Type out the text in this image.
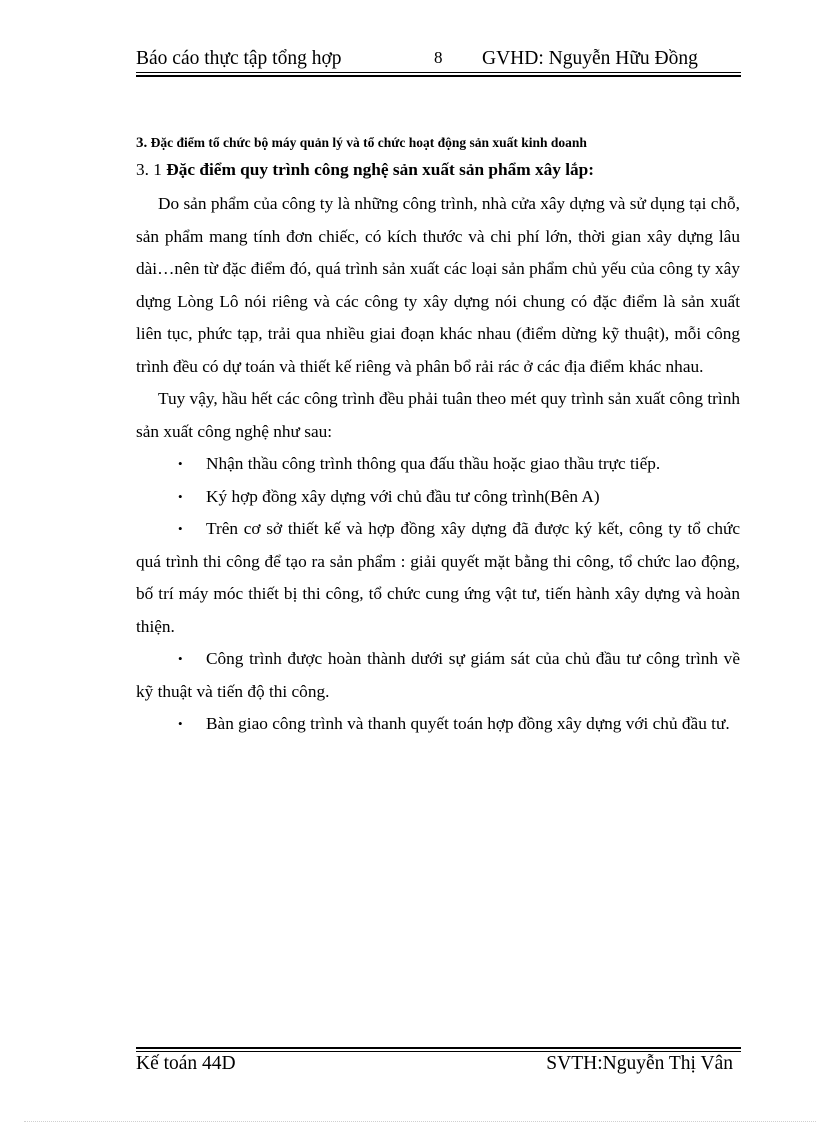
Báo cáo thực tập tổng hợp	8 GVHD: Nguyễn Hữu Đồng

3. Đặc điểm tổ chức bộ máy quản lý và tổ chức hoạt động sản xuất kinh doanh

3. 1 Đặc điểm quy trình công nghệ sản xuất sản phẩm xây lắp:

Do sản phẩm của công ty là những công trình, nhà cửa xây dựng và sử dụng tại chỗ, sản phẩm mang tính đơn chiếc, có kích thước và chi phí lớn, thời gian xây dựng lâu dài…nên từ đặc điểm đó, quá trình sản xuất các loại sản phẩm chủ yếu của công ty xây dựng Lòng Lô nói riêng và các công ty xây dựng nói chung có đặc điểm là sản xuất liên tục, phức tạp, trải qua nhiều giai đoạn khác nhau (điểm dừng kỹ thuật), mỗi công trình đều có dự toán và thiết kế riêng và phân bổ rải rác ở các địa điểm khác nhau.

Tuy vậy, hầu hết các công trình đều phải tuân theo mét quy trình sản xuất công trình sản xuất công nghệ như sau:

• Nhận thầu công trình thông qua đấu thầu hoặc giao thầu trực tiếp.

• Ký hợp đồng xây dựng với chủ đầu tư công trình(Bên A)

• Trên cơ sở thiết kế và hợp đồng xây dựng đã được ký kết, công ty tổ chức quá trình thi công để tạo ra sản phẩm : giải quyết mặt bằng thi công, tổ chức lao động, bố trí máy móc thiết bị thi công, tổ chức cung ứng vật tư, tiến hành xây dựng và hoàn thiện.

• Công trình được hoàn thành dưới sự giám sát của chủ đầu tư công trình về kỹ thuật và tiến độ thi công.

• Bàn giao công trình và thanh quyết toán hợp đồng xây dựng với chủ đầu tư.

Kế toán 44D	SVTH:Nguyễn Thị Vân
